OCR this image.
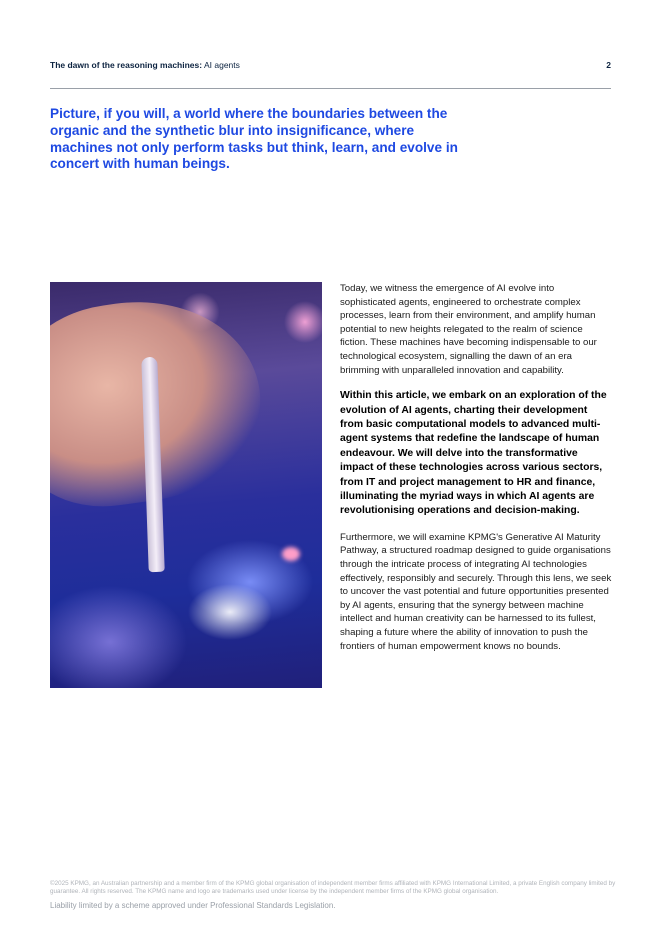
The dawn of the reasoning machines: AI agents	2

Picture, if you will, a world where the boundaries between the organic and the synthetic blur into insignificance, where machines not only perform tasks but think, learn, and evolve in concert with human beings.

Today, we witness the emergence of AI evolve into sophisticated agents, engineered to orchestrate complex processes, learn from their environment, and amplify human potential to new heights relegated to the realm of science fiction. These machines have becoming indispensable to our technological ecosystem, signalling the dawn of an era brimming with unparalleled innovation and capability.

Within this article, we embark on an exploration of the evolution of AI agents, charting their development from basic computational models to advanced multi-agent systems that redefine the landscape of human endeavour. We will delve into the transformative impact of these technologies across various sectors, from IT and project management to HR and finance, illuminating the myriad ways in which AI agents are revolutionising operations and decision-making.

Furthermore, we will examine KPMG's Generative AI Maturity Pathway, a structured roadmap designed to guide organisations through the intricate process of integrating AI technologies effectively, responsibly and securely. Through this lens, we seek to uncover the vast potential and future opportunities presented by AI agents, ensuring that the synergy between machine intellect and human creativity can be harnessed to its fullest, shaping a future where the ability of innovation to push the frontiers of human empowerment knows no bounds.

©2025 KPMG, an Australian partnership and a member firm of the KPMG global organisation of independent member firms affiliated with KPMG International Limited, a private English company limited by guarantee. All rights reserved. The KPMG name and logo are trademarks used under license by the independent member firms of the KPMG global organisation.

Liability limited by a scheme approved under Professional Standards Legislation.
